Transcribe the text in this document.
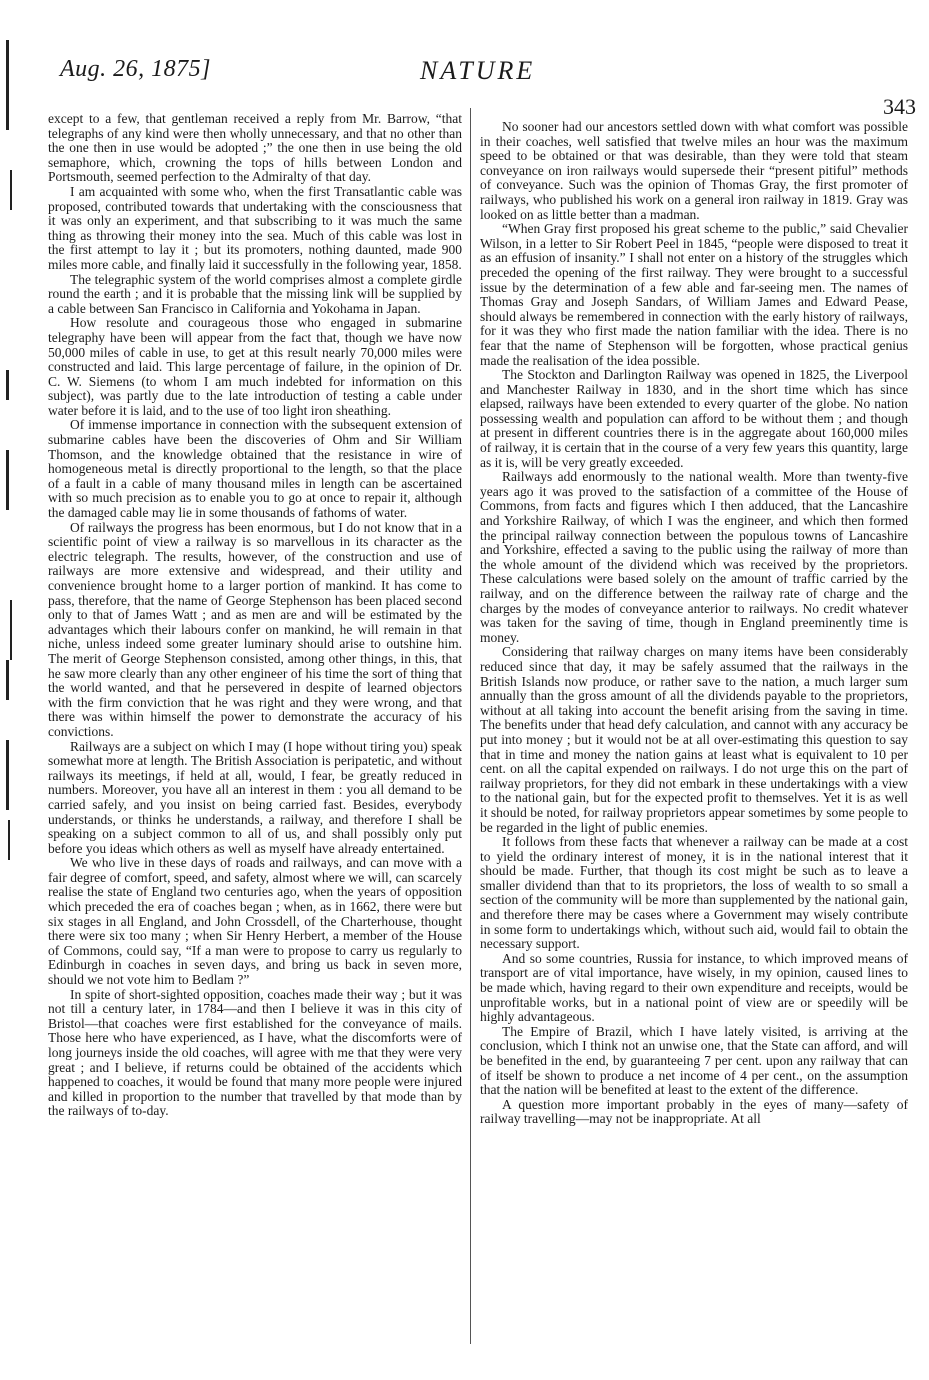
Aug. 26, 1875]	NATURE
343

except to a few, that gentleman received a reply from Mr. Barrow, “that telegraphs of any kind were then wholly unnecessary, and that no other than the one then in use would be adopted ;” the one then in use being the old semaphore, which, crowning the tops of hills between London and Portsmouth, seemed perfection to the Admiralty of that day.

I am acquainted with some who, when the first Transatlantic cable was proposed, contributed towards that undertaking with the consciousness that it was only an experiment, and that subscribing to it was much the same thing as throwing their money into the sea. Much of this cable was lost in the first attempt to lay it ; but its promoters, nothing daunted, made 900 miles more cable, and finally laid it successfully in the following year, 1858.

The telegraphic system of the world comprises almost a complete girdle round the earth ; and it is probable that the missing link will be supplied by a cable between San Francisco in California and Yokohama in Japan.

How resolute and courageous those who engaged in submarine telegraphy have been will appear from the fact that, though we have now 50,000 miles of cable in use, to get at this result nearly 70,000 miles were constructed and laid. This large percentage of failure, in the opinion of Dr. C. W. Siemens (to whom I am much indebted for information on this subject), was partly due to the late introduction of testing a cable under water before it is laid, and to the use of too light iron sheathing.

Of immense importance in connection with the subsequent extension of submarine cables have been the discoveries of Ohm and Sir William Thomson, and the knowledge obtained that the resistance in wire of homogeneous metal is directly proportional to the length, so that the place of a fault in a cable of many thousand miles in length can be ascertained with so much precision as to enable you to go at once to repair it, although the damaged cable may lie in some thousands of fathoms of water.

Of railways the progress has been enormous, but I do not know that in a scientific point of view a railway is so marvellous in its character as the electric telegraph. The results, however, of the construction and use of railways are more extensive and widespread, and their utility and convenience brought home to a larger portion of mankind. It has come to pass, therefore, that the name of George Stephenson has been placed second only to that of James Watt ; and as men are and will be estimated by the advantages which their labours confer on mankind, he will remain in that niche, unless indeed some greater luminary should arise to outshine him. The merit of George Stephenson consisted, among other things, in this, that he saw more clearly than any other engineer of his time the sort of thing that the world wanted, and that he persevered in despite of learned objectors with the firm conviction that he was right and they were wrong, and that there was within himself the power to demonstrate the accuracy of his convictions.

Railways are a subject on which I may (I hope without tiring you) speak somewhat more at length. The British Association is peripatetic, and without railways its meetings, if held at all, would, I fear, be greatly reduced in numbers. Moreover, you have all an interest in them : you all demand to be carried safely, and you insist on being carried fast. Besides, everybody understands, or thinks he understands, a railway, and therefore I shall be speaking on a subject common to all of us, and shall possibly only put before you ideas which others as well as myself have already entertained.

We who live in these days of roads and railways, and can move with a fair degree of comfort, speed, and safety, almost where we will, can scarcely realise the state of England two centuries ago, when the years of opposition which preceded the era of coaches began ; when, as in 1662, there were but six stages in all England, and John Crossdell, of the Charterhouse, thought there were six too many ; when Sir Henry Herbert, a member of the House of Commons, could say, “If a man were to propose to carry us regularly to Edinburgh in coaches in seven days, and bring us back in seven more, should we not vote him to Bedlam ?”

In spite of short-sighted opposition, coaches made their way ; but it was not till a century later, in 1784—and then I believe it was in this city of Bristol—that coaches were first established for the conveyance of mails. Those here who have experienced, as I have, what the discomforts were of long journeys inside the old coaches, will agree with me that they were very great ; and I believe, if returns could be obtained of the accidents which happened to coaches, it would be found that many more people were injured and killed in proportion to the number that travelled by that mode than by the railways of to-day.

No sooner had our ancestors settled down with what comfort was possible in their coaches, well satisfied that twelve miles an hour was the maximum speed to be obtained or that was desirable, than they were told that steam conveyance on iron railways would supersede their “present pitiful” methods of conveyance. Such was the opinion of Thomas Gray, the first promoter of railways, who published his work on a general iron railway in 1819. Gray was looked on as little better than a madman.

“When Gray first proposed his great scheme to the public,” said Chevalier Wilson, in a letter to Sir Robert Peel in 1845, “people were disposed to treat it as an effusion of insanity.” I shall not enter on a history of the struggles which preceded the opening of the first railway. They were brought to a successful issue by the determination of a few able and far-seeing men. The names of Thomas Gray and Joseph Sandars, of William James and Edward Pease, should always be remembered in connection with the early history of railways, for it was they who first made the nation familiar with the idea. There is no fear that the name of Stephenson will be forgotten, whose practical genius made the realisation of the idea possible.

The Stockton and Darlington Railway was opened in 1825, the Liverpool and Manchester Railway in 1830, and in the short time which has since elapsed, railways have been extended to every quarter of the globe. No nation possessing wealth and population can afford to be without them ; and though at present in different countries there is in the aggregate about 160,000 miles of railway, it is certain that in the course of a very few years this quantity, large as it is, will be very greatly exceeded.

Railways add enormously to the national wealth. More than twenty-five years ago it was proved to the satisfaction of a committee of the House of Commons, from facts and figures which I then adduced, that the Lancashire and Yorkshire Railway, of which I was the engineer, and which then formed the principal railway connection between the populous towns of Lancashire and Yorkshire, effected a saving to the public using the railway of more than the whole amount of the dividend which was received by the proprietors. These calculations were based solely on the amount of traffic carried by the railway, and on the difference between the railway rate of charge and the charges by the modes of conveyance anterior to railways. No credit whatever was taken for the saving of time, though in England preeminently time is money.

Considering that railway charges on many items have been considerably reduced since that day, it may be safely assumed that the railways in the British Islands now produce, or rather save to the nation, a much larger sum annually than the gross amount of all the dividends payable to the proprietors, without at all taking into account the benefit arising from the saving in time. The benefits under that head defy calculation, and cannot with any accuracy be put into money ; but it would not be at all over-estimating this question to say that in time and money the nation gains at least what is equivalent to 10 per cent. on all the capital expended on railways. I do not urge this on the part of railway proprietors, for they did not embark in these undertakings with a view to the national gain, but for the expected profit to themselves. Yet it is as well it should be noted, for railway proprietors appear sometimes by some people to be regarded in the light of public enemies.

It follows from these facts that whenever a railway can be made at a cost to yield the ordinary interest of money, it is in the national interest that it should be made. Further, that though its cost might be such as to leave a smaller dividend than that to its proprietors, the loss of wealth to so small a section of the community will be more than supplemented by the national gain, and therefore there may be cases where a Government may wisely contribute in some form to undertakings which, without such aid, would fail to obtain the necessary support.

And so some countries, Russia for instance, to which improved means of transport are of vital importance, have wisely, in my opinion, caused lines to be made which, having regard to their own expenditure and receipts, would be unprofitable works, but in a national point of view are or speedily will be highly advantageous.

The Empire of Brazil, which I have lately visited, is arriving at the conclusion, which I think not an unwise one, that the State can afford, and will be benefited in the end, by guaranteeing 7 per cent. upon any railway that can of itself be shown to produce a net income of 4 per cent., on the assumption that the nation will be benefited at least to the extent of the difference.

A question more important probably in the eyes of many—safety of railway travelling—may not be inappropriate. At all
